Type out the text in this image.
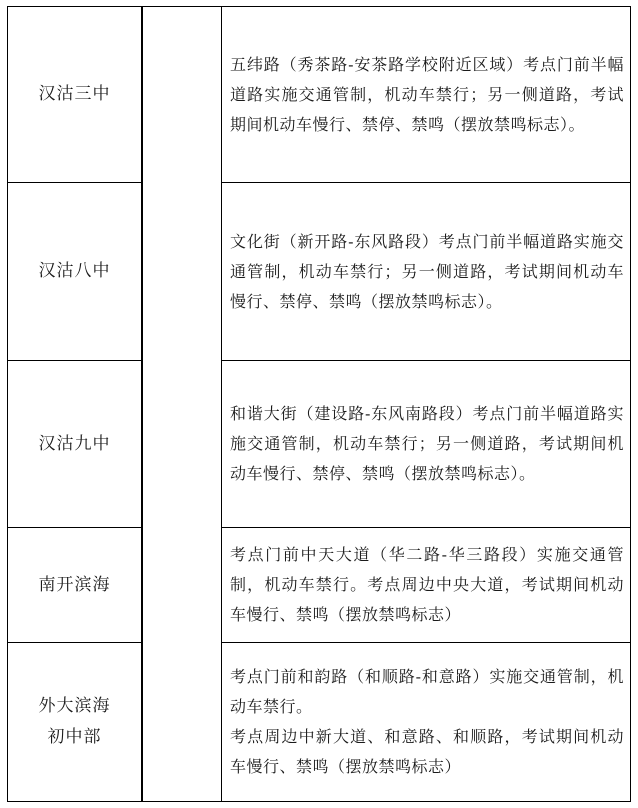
汉沽三中

五纬路（秀茶路-安茶路学校附近区域）考点门前半幅道路实施交通管制，机动车禁行；另一侧道路，考试期间机动车慢行、禁停、禁鸣（摆放禁鸣标志）。

汉沽八中

文化街（新开路-东风路段）考点门前半幅道路实施交通管制，机动车禁行；另一侧道路，考试期间机动车慢行、禁停、禁鸣（摆放禁鸣标志）。

汉沽九中

和谐大街（建设路-东风南路段）考点门前半幅道路实施交通管制，机动车禁行；另一侧道路，考试期间机动车慢行、禁停、禁鸣（摆放禁鸣标志）。

南开滨海

考点门前中天大道（华二路-华三路段）实施交通管制，机动车禁行。考点周边中央大道，考试期间机动车慢行、禁鸣（摆放禁鸣标志）

外大滨海
初中部

考点门前和韵路（和顺路-和意路）实施交通管制，机动车禁行。

考点周边中新大道、和意路、和顺路，考试期间机动车慢行、禁鸣（摆放禁鸣标志）
